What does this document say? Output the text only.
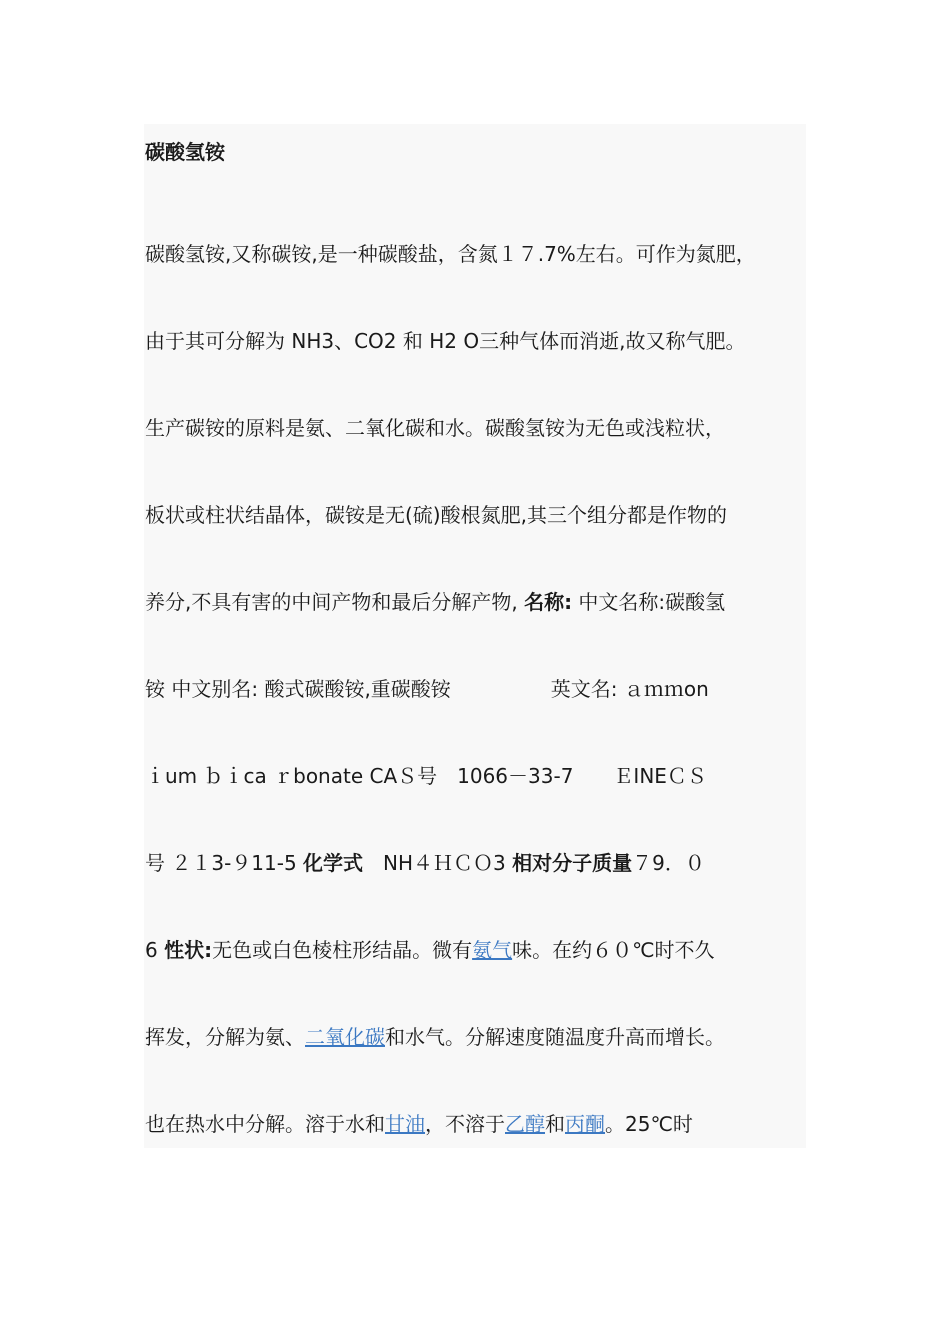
碳酸氢铵
碳酸氢铵,又称碳铵,是一种碳酸盐，含氮１７.7%左右。可作为氮肥，
由于其可分解为 NH3、CO2 和 H2 O三种气体而消逝,故又称气肥。
生产碳铵的原料是氨、二氧化碳和水。碳酸氢铵为无色或浅粒状，
板状或柱状结晶体，碳铵是无(硫)酸根氮肥,其三个组分都是作物的
养分,不具有害的中间产物和最后分解产物, 名称: 中文名称:碳酸氢
铵 中文别名: 酸式碳酸铵,重碳酸铵　　　　　英文名: ａｍｍon
ｉum ｂｉca ｒbonate CAＳ号　1066－33-7　　ＥINEＣＳ
号 ２１3-９11-5 化学式　NH４ＨＣＯ3 相对分子质量７9．０
6 性状:无色或白色棱柱形结晶。微有氨气味。在约６０℃时不久
挥发，分解为氨、二氧化碳和水气。分解速度随温度升高而增长。
也在热水中分解。溶于水和甘油，不溶于乙醇和丙酮。25℃时
